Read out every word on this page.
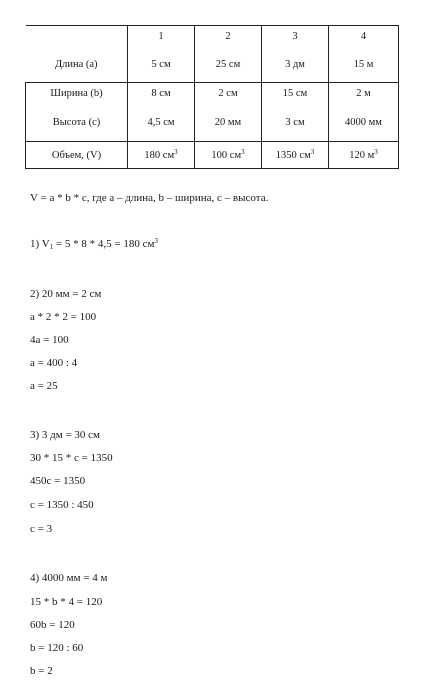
	1	2	3	4
Длина (a)	5 см	25 см	3 дм	15 м
Ширина (b)	8 см	2 см	15 см	2 м
Высота (c)	4,5 см	20 мм	3 см	4000 мм
Объем, (V)	180 $см^3$	100 $см^3$	1350 $см^3$	120 $м^3$
V = a * b * c, где a – длина, b – ширина, c – высота.
1) $V_1 = 5 * 8 * 4,5 = 180$ $см^3$
2) 20 мм = 2 см
a * 2 * 2 = 100
4a = 100
a = 400 : 4
a = 25
3) 3 дм = 30 см
30 * 15 * c = 1350
450c = 1350
c = 1350 : 450
c = 3
4) 4000 мм = 4 м
15 * b * 4 = 120
60b = 120
b = 120 : 60
b = 2
